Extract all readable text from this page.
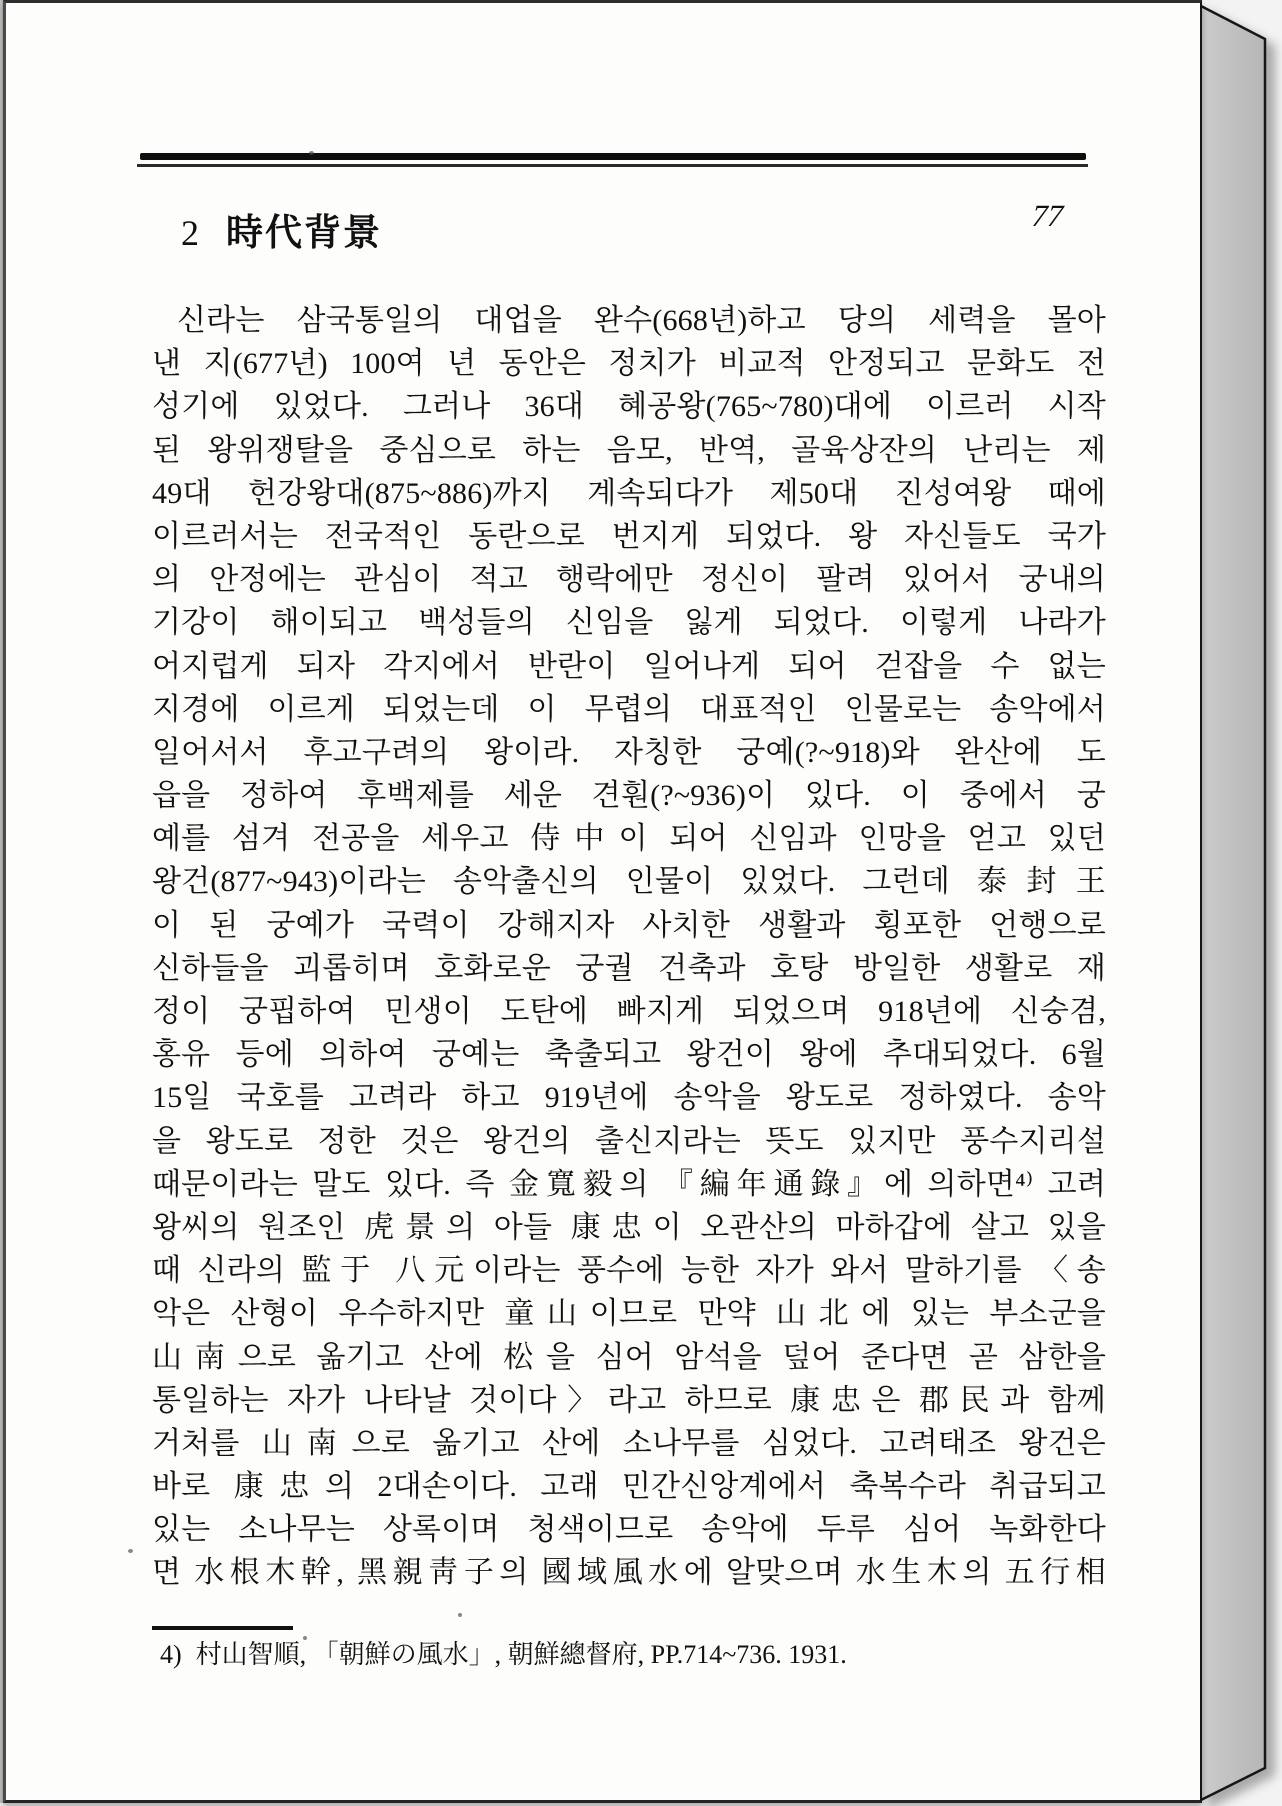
2 時代背景	77
신라는 삼국통일의 대업을 완수(668년)하고 당의 세력을 몰아
낸 지(677년) 100여 년 동안은 정치가 비교적 안정되고 문화도 전
성기에 있었다. 그러나 36대 혜공왕(765~780)대에 이르러 시작
된 왕위쟁탈을 중심으로 하는 음모, 반역, 골육상잔의 난리는 제
49대 헌강왕대(875~886)까지 계속되다가 제50대 진성여왕 때에
이르러서는 전국적인 동란으로 번지게 되었다. 왕 자신들도 국가
의 안정에는 관심이 적고 행락에만 정신이 팔려 있어서 궁내의
기강이 해이되고 백성들의 신임을 잃게 되었다. 이렇게 나라가
어지럽게 되자 각지에서 반란이 일어나게 되어 걷잡을 수 없는
지경에 이르게 되었는데 이 무렵의 대표적인 인물로는 송악에서
일어서서 후고구려의 왕이라. 자칭한 궁예(?~918)와 완산에 도
읍을 정하여 후백제를 세운 견훤(?~936)이 있다. 이 중에서 궁
예를 섬겨 전공을 세우고 侍中이 되어 신임과 인망을 얻고 있던
왕건(877~943)이라는 송악출신의 인물이 있었다. 그런데 泰封王
이 된 궁예가 국력이 강해지자 사치한 생활과 횡포한 언행으로
신하들을 괴롭히며 호화로운 궁궐 건축과 호탕 방일한 생활로 재
정이 궁핍하여 민생이 도탄에 빠지게 되었으며 918년에 신숭겸,
홍유 등에 의하여 궁예는 축출되고 왕건이 왕에 추대되었다. 6월
15일 국호를 고려라 하고 919년에 송악을 왕도로 정하였다. 송악
을 왕도로 정한 것은 왕건의 출신지라는 뜻도 있지만 풍수지리설
때문이라는 말도 있다. 즉 金寬毅의 『編年通錄』에 의하면⁴⁾ 고려
왕씨의 원조인 虎景의 아들 康忠이 오관산의 마하갑에 살고 있을
때 신라의 監于 八元이라는 풍수에 능한 자가 와서 말하기를 〈송
악은 산형이 우수하지만 童山이므로 만약 山北에 있는 부소군을
山南으로 옮기고 산에 松을 심어 암석을 덮어 준다면 곧 삼한을
통일하는 자가 나타날 것이다〉라고 하므로 康忠은 郡民과 함께
거처를 山南으로 옮기고 산에 소나무를 심었다. 고려태조 왕건은
바로 康忠의 2대손이다. 고래 민간신앙계에서 축복수라 취급되고
있는 소나무는 상록이며 청색이므로 송악에 두루 심어 녹화한다
면 水根木幹, 黑親靑子의 國域風水에 알맞으며 水生木의 五行相
4) 村山智順, 「朝鮮の風水」, 朝鮮總督府, PP.714~736. 1931.
